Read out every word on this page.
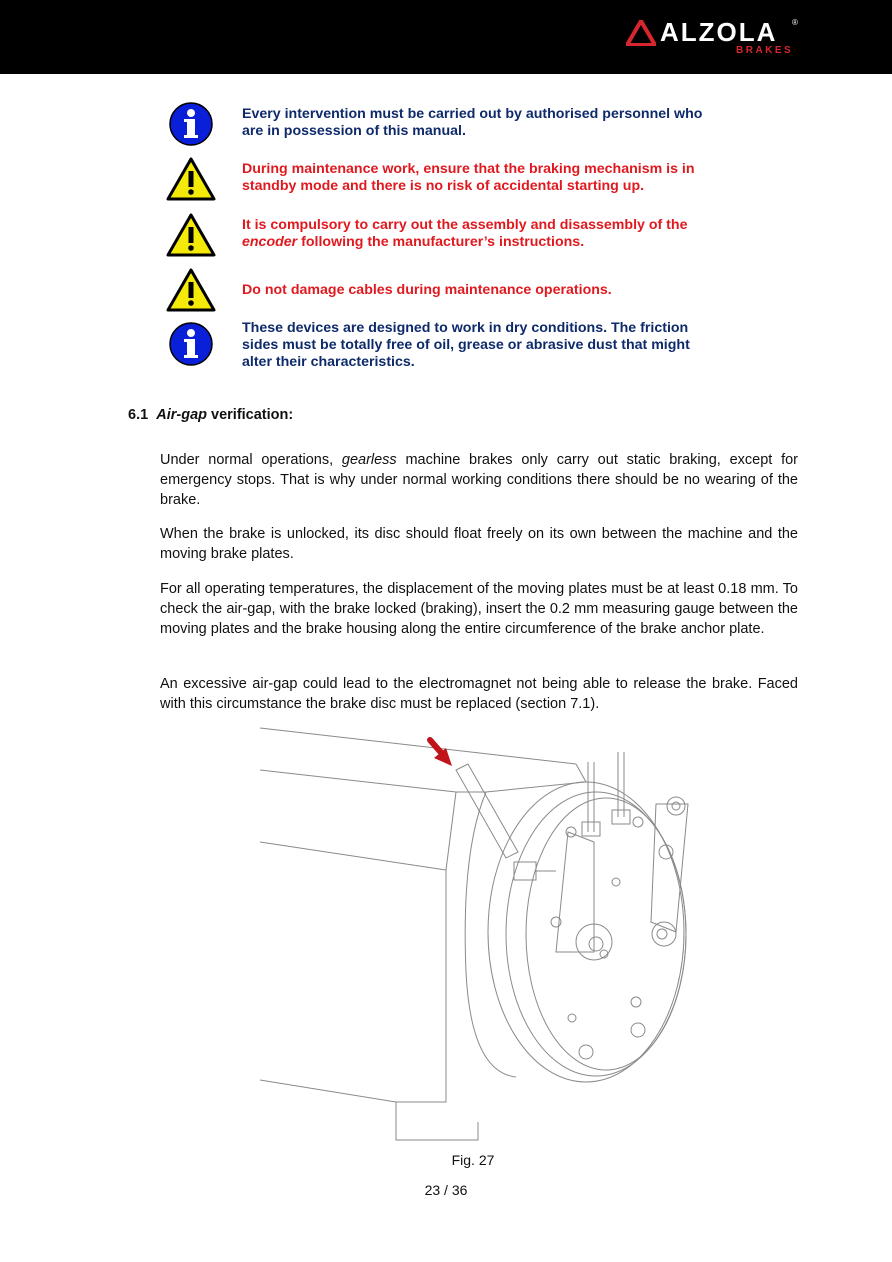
ALZOLA ®
BRAKES
Every intervention must be carried out by authorised personnel who
are in possession of this manual.
During maintenance work, ensure that the braking mechanism is in
standby mode and there is no risk of accidental starting up.
It is compulsory to carry out the assembly and disassembly of the
encoder following the manufacturer’s instructions.
Do not damage cables during maintenance operations.
These devices are designed to work in dry conditions. The friction
sides must be totally free of oil, grease or abrasive dust that might
alter their characteristics.
6.1 Air-gap verification:
Under normal operations, gearless machine brakes only carry out static braking, except for emergency stops. That is why under normal working conditions there should be no wearing of the brake.
When the brake is unlocked, its disc should float freely on its own between the machine and the moving brake plates.
For all operating temperatures, the displacement of the moving plates must be at least 0.18 mm. To check the air-gap, with the brake locked (braking), insert the 0.2 mm measuring gauge between the moving plates and the brake housing along the entire circumference of the brake anchor plate.
An excessive air-gap could lead to the electromagnet not being able to release the brake. Faced with this circumstance the brake disc must be replaced (section 7.1).
Fig. 27
23 / 36
